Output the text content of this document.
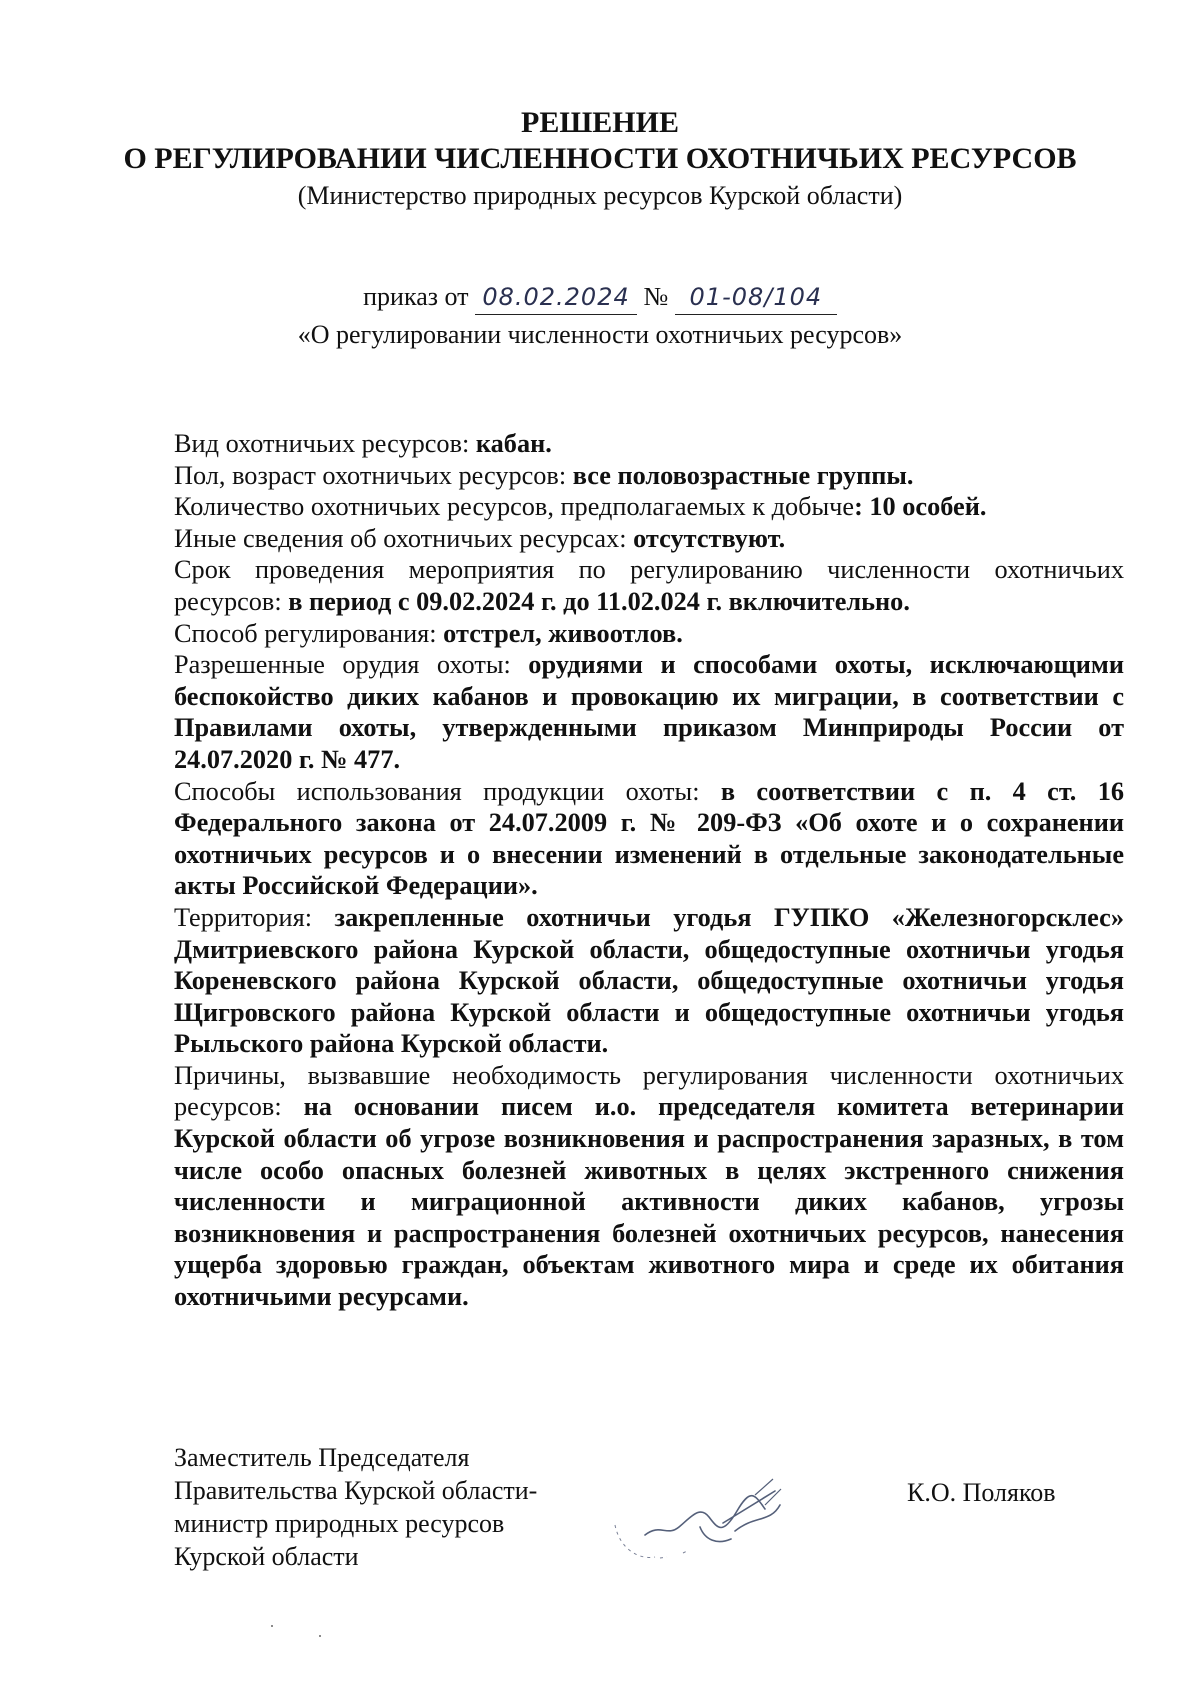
РЕШЕНИЕ
О РЕГУЛИРОВАНИИ ЧИСЛЕННОСТИ ОХОТНИЧЬИХ РЕСУРСОВ
(Министерство природных ресурсов Курской области)
приказ от 08.02.2024 № 01-08/104
«О регулировании численности охотничьих ресурсов»

Вид охотничьих ресурсов: кабан.

Пол, возраст охотничьих ресурсов: все половозрастные группы.

Количество охотничьих ресурсов, предполагаемых к добыче: 10 особей.

Иные сведения об охотничьих ресурсах: отсутствуют.

Срок проведения мероприятия по регулированию численности охотничьих ресурсов: в период с 09.02.2024 г. до 11.02.024 г. включительно.

Способ регулирования: отстрел, живоотлов.

Разрешенные орудия охоты: орудиями и способами охоты, исключающими беспокойство диких кабанов и провокацию их миграции, в соответствии с Правилами охоты, утвержденными приказом Минприроды России от 24.07.2020 г. № 477.

Способы использования продукции охоты: в соответствии с п. 4 ст. 16 Федерального закона от 24.07.2009 г. № 209-ФЗ «Об охоте и о сохранении охотничьих ресурсов и о внесении изменений в отдельные законодательные акты Российской Федерации».

Территория: закрепленные охотничьи угодья ГУПКО «Железногорсклес» Дмитриевского района Курской области, общедоступные охотничьи угодья Кореневского района Курской области, общедоступные охотничьи угодья Щигровского района Курской области и общедоступные охотничьи угодья Рыльского района Курской области.

Причины, вызвавшие необходимость регулирования численности охотничьих ресурсов: на основании писем и.о. председателя комитета ветеринарии Курской области об угрозе возникновения и распространения заразных, в том числе особо опасных болезней животных в целях экстренного снижения численности и миграционной активности диких кабанов, угрозы возникновения и распространения болезней охотничьих ресурсов, нанесения ущерба здоровью граждан, объектам животного мира и среде их обитания охотничьими ресурсами.

Заместитель Председателя
Правительства Курской области-
министр природных ресурсов
Курской области
К.О. Поляков
